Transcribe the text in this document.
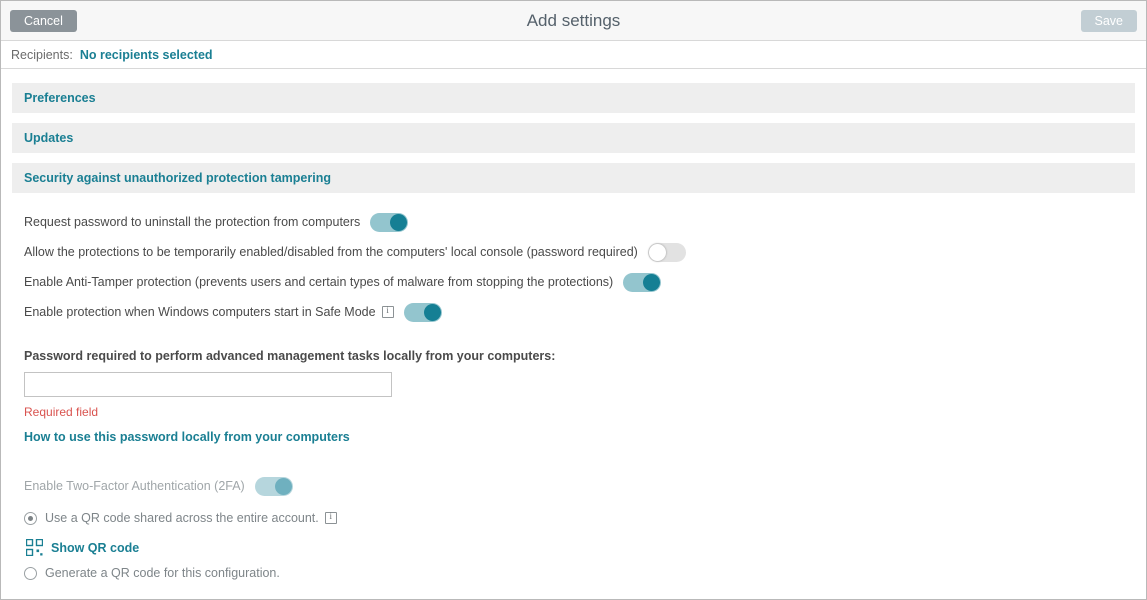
Cancel	Add settings	Save
Recipients: No recipients selected
Preferences
Updates
Security against unauthorized protection tampering
Request password to uninstall the protection from computers
Allow the protections to be temporarily enabled/disabled from the computers' local console (password required)
Enable Anti-Tamper protection (prevents users and certain types of malware from stopping the protections)
Enable protection when Windows computers start in Safe Mode
i
Password required to perform advanced management tasks locally from your computers:
Required field
How to use this password locally from your computers
Enable Two-Factor Authentication (2FA)
Use a QR code shared across the entire account.
i
Show QR code
Generate a QR code for this configuration.
